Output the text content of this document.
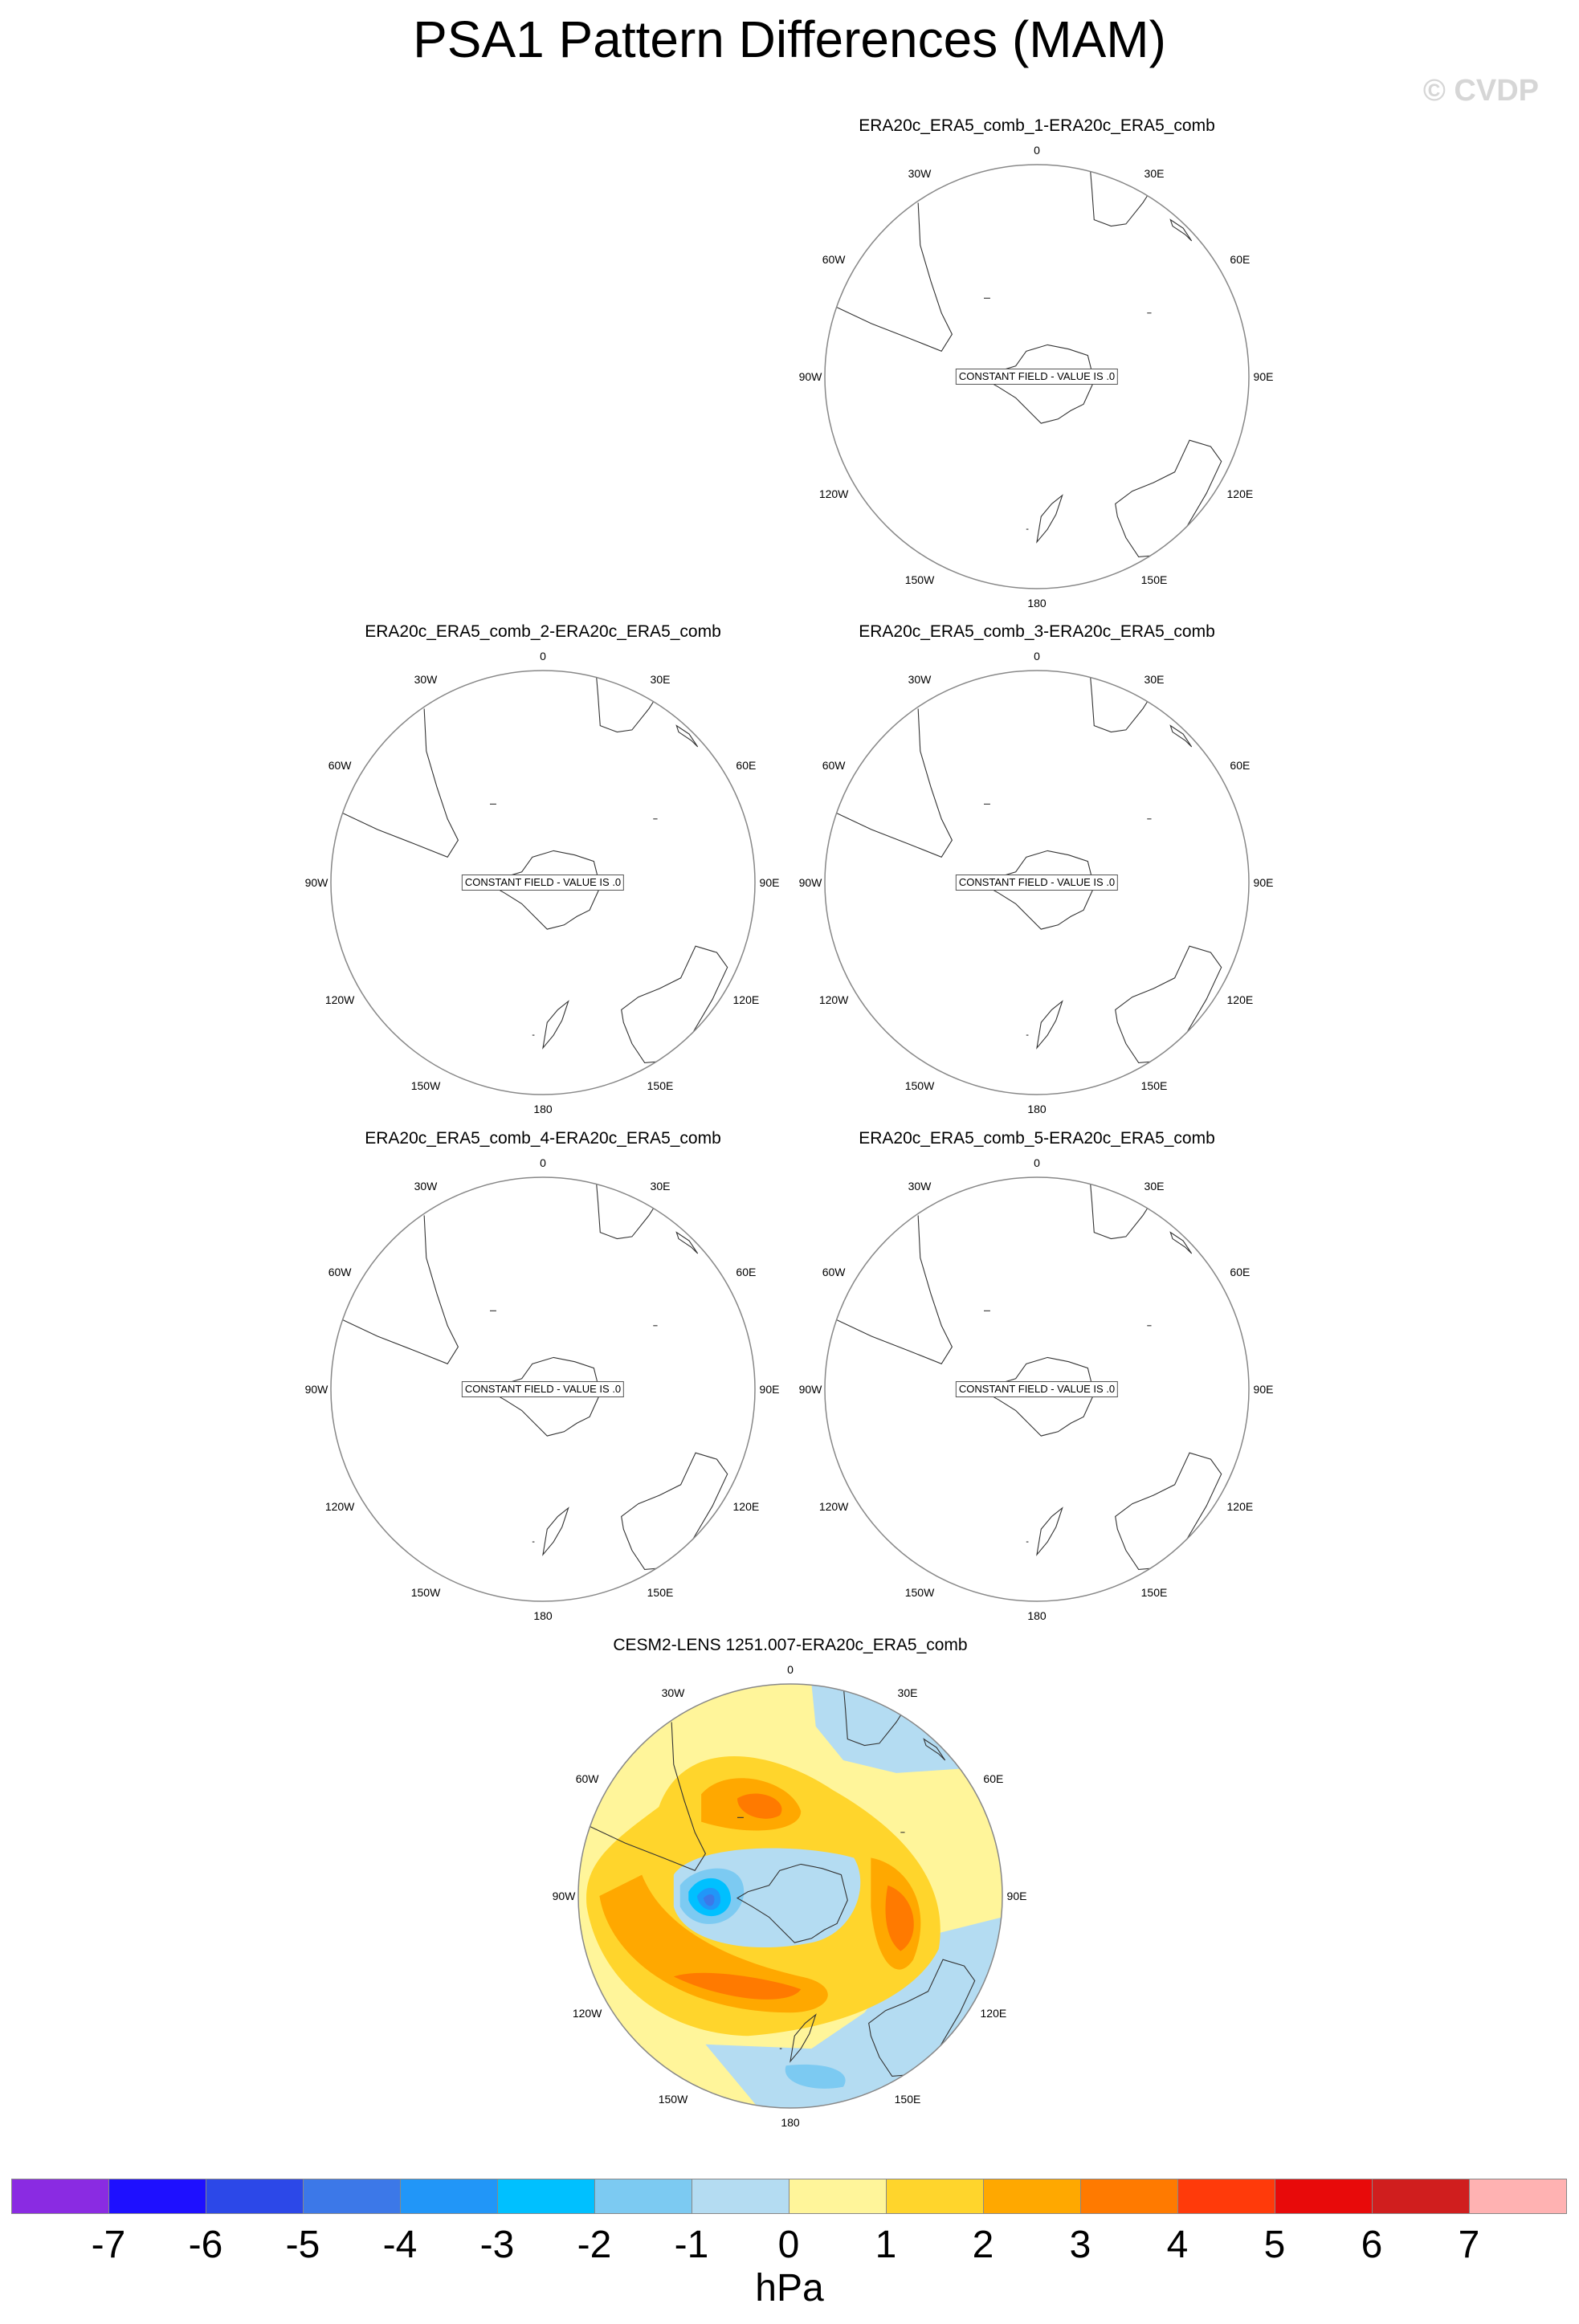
PSA1 Pattern Differences (MAM)
© CVDP
ERA20c_ERA5_comb_1-ERA20c_ERA5_comb
0
30E
60E
90E
120E
150E
180
150W
120W
90W
60W
30W
CONSTANT FIELD - VALUE IS .0
ERA20c_ERA5_comb_2-ERA20c_ERA5_comb
0
30E
60E
90E
120E
150E
180
150W
120W
90W
60W
30W
CONSTANT FIELD - VALUE IS .0
ERA20c_ERA5_comb_3-ERA20c_ERA5_comb
0
30E
60E
90E
120E
150E
180
150W
120W
90W
60W
30W
CONSTANT FIELD - VALUE IS .0
ERA20c_ERA5_comb_4-ERA20c_ERA5_comb
0
30E
60E
90E
120E
150E
180
150W
120W
90W
60W
30W
CONSTANT FIELD - VALUE IS .0
ERA20c_ERA5_comb_5-ERA20c_ERA5_comb
0
30E
60E
90E
120E
150E
180
150W
120W
90W
60W
30W
CONSTANT FIELD - VALUE IS .0
CESM2-LENS 1251.007-ERA20c_ERA5_comb
0
30E
60E
90E
120E
150E
180
150W
120W
90W
60W
30W
-7 -6 -5 -4 -3 -2 -1 0 1 2 3 4 5 6 7
hPa
